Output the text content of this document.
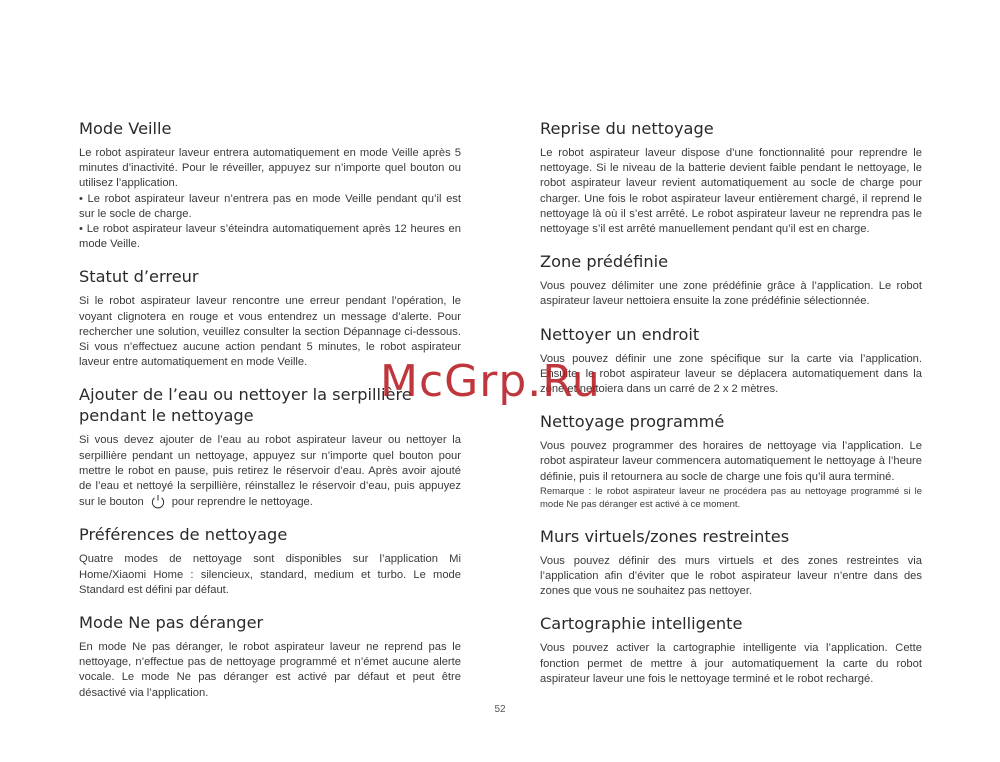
Mode Veille

Le robot aspirateur laveur entrera automatiquement en mode Veille après 5 minutes d’inactivité. Pour le réveiller, appuyez sur n’importe quel bouton ou utilisez l’application.

• Le robot aspirateur laveur n’entrera pas en mode Veille pendant qu’il est sur le socle de charge.

• Le robot aspirateur laveur s’éteindra automatiquement après 12 heures en mode Veille.

Statut d’erreur

Si le robot aspirateur laveur rencontre une erreur pendant l’opération, le voyant clignotera en rouge et vous entendrez un message d’alerte. Pour rechercher une solution, veuillez consulter la section Dépannage ci-dessous. Si vous n’effectuez aucune action pendant 5 minutes, le robot aspirateur laveur entre automatiquement en mode Veille.

Ajouter de l’eau ou nettoyer la serpillière pendant le nettoyage

Si vous devez ajouter de l’eau au robot aspirateur laveur ou nettoyer la serpillière pendant un nettoyage, appuyez sur n’importe quel bouton pour mettre le robot en pause, puis retirez le réservoir d’eau. Après avoir ajouté de l’eau et nettoyé la serpillière, réinstallez le réservoir d’eau, puis appuyez sur le bouton	pour reprendre le nettoyage.

Préférences de nettoyage

Quatre modes de nettoyage sont disponibles sur l’application Mi Home/Xiaomi Home : silencieux, standard, medium et turbo. Le mode Standard est défini par défaut.

Mode Ne pas déranger

En mode Ne pas déranger, le robot aspirateur laveur ne reprend pas le nettoyage, n’effectue pas de nettoyage programmé et n’émet aucune alerte vocale. Le mode Ne pas déranger est activé par défaut et peut être désactivé via l’application.

Reprise du nettoyage

Le robot aspirateur laveur dispose d’une fonctionnalité pour reprendre le nettoyage. Si le niveau de la batterie devient faible pendant le nettoyage, le robot aspirateur laveur revient automatiquement au socle de charge pour charger. Une fois le robot aspirateur laveur entièrement chargé, il reprend le nettoyage là où il s’est arrêté. Le robot aspirateur laveur ne reprendra pas le nettoyage s’il est arrêté manuellement pendant qu’il est en charge.

Zone prédéfinie

Vous pouvez délimiter une zone prédéfinie grâce à l’application. Le robot aspirateur laveur nettoiera ensuite la zone prédéfinie sélectionnée.

Nettoyer un endroit

Vous pouvez définir une zone spécifique sur la carte via l’application. Ensuite, le robot aspirateur laveur se déplacera automatiquement dans la zone et nettoiera dans un carré de 2 x 2 mètres.

Nettoyage programmé

Vous pouvez programmer des horaires de nettoyage via l’application. Le robot aspirateur laveur commencera automatiquement le nettoyage à l’heure définie, puis il retournera au socle de charge une fois qu’il aura terminé.

Remarque : le robot aspirateur laveur ne procédera pas au nettoyage programmé si le mode Ne pas déranger est activé à ce moment.

Murs virtuels/zones restreintes

Vous pouvez définir des murs virtuels et des zones restreintes via l’application afin d’éviter que le robot aspirateur laveur n’entre dans des zones que vous ne souhaitez pas nettoyer.

Cartographie intelligente

Vous pouvez activer la cartographie intelligente via l’application. Cette fonction permet de mettre à jour automatiquement la carte du robot aspirateur laveur une fois le nettoyage terminé et le robot rechargé.

McGrp.Ru
52
